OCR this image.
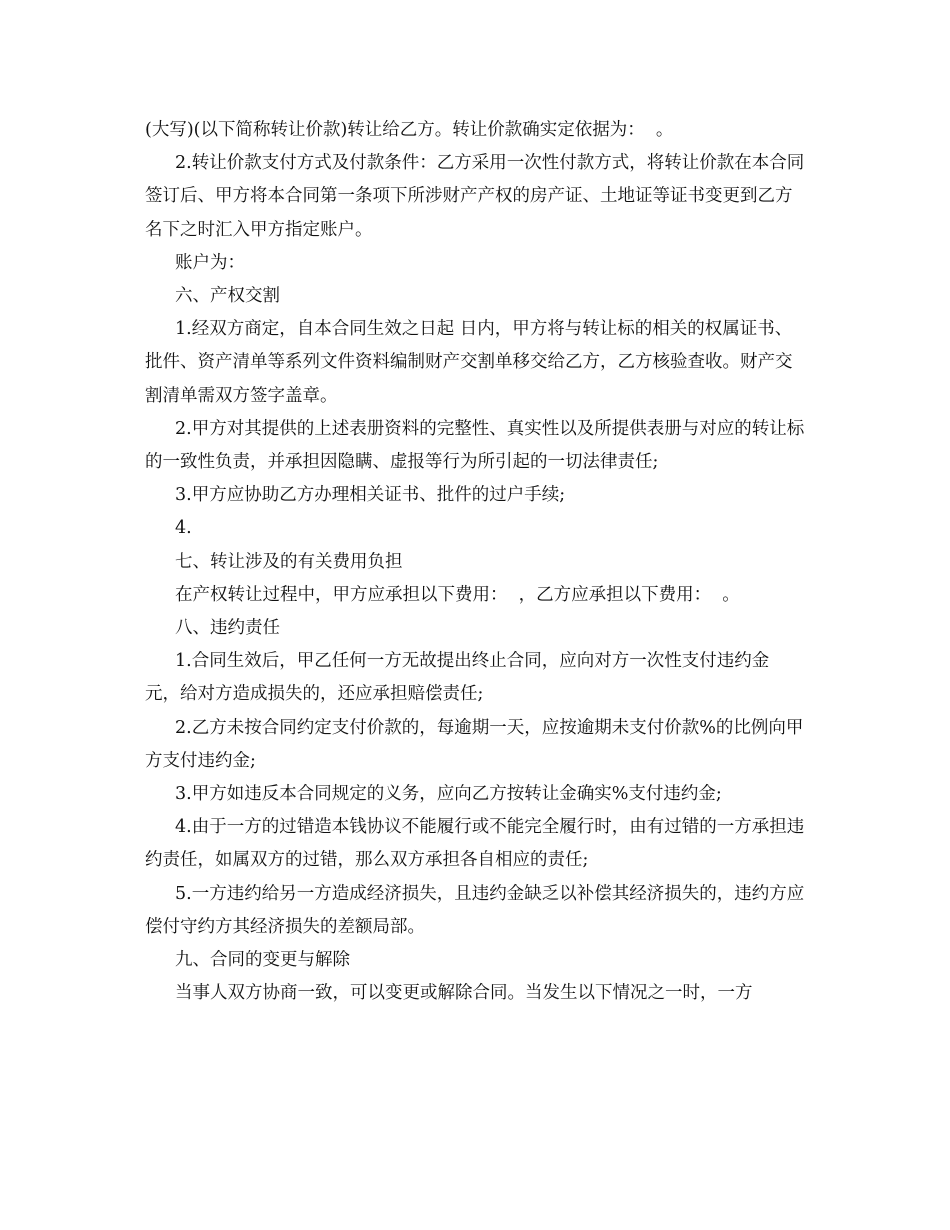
(大写)(以下简称转让价款)转让给乙方。转让价款确实定依据为：  。

2.转让价款支付方式及付款条件：乙方采用一次性付款方式，将转让价款在本合同签订后、甲方将本合同第一条项下所涉财产产权的房产证、土地证等证书变更到乙方名下之时汇入甲方指定账户。

账户为：

六、产权交割

1.经双方商定，自本合同生效之日起 日内，甲方将与转让标的相关的权属证书、批件、资产清单等系列文件资料编制财产交割单移交给乙方，乙方核验查收。财产交割清单需双方签字盖章。

2.甲方对其提供的上述表册资料的完整性、真实性以及所提供表册与对应的转让标的一致性负责，并承担因隐瞒、虚报等行为所引起的一切法律责任;

3.甲方应协助乙方办理相关证书、批件的过户手续;

4.

七、转让涉及的有关费用负担

在产权转让过程中，甲方应承担以下费用：  ，乙方应承担以下费用：  。

八、违约责任

1.合同生效后，甲乙任何一方无故提出终止合同，应向对方一次性支付违约金 元，给对方造成损失的，还应承担赔偿责任;

2.乙方未按合同约定支付价款的，每逾期一天，应按逾期未支付价款%的比例向甲方支付违约金;

3.甲方如违反本合同规定的义务，应向乙方按转让金确实%支付违约金;

4.由于一方的过错造本钱协议不能履行或不能完全履行时，由有过错的一方承担违约责任，如属双方的过错，那么双方承担各自相应的责任;

5.一方违约给另一方造成经济损失，且违约金缺乏以补偿其经济损失的，违约方应偿付守约方其经济损失的差额局部。

九、合同的变更与解除

当事人双方协商一致，可以变更或解除合同。当发生以下情况之一时，一方
